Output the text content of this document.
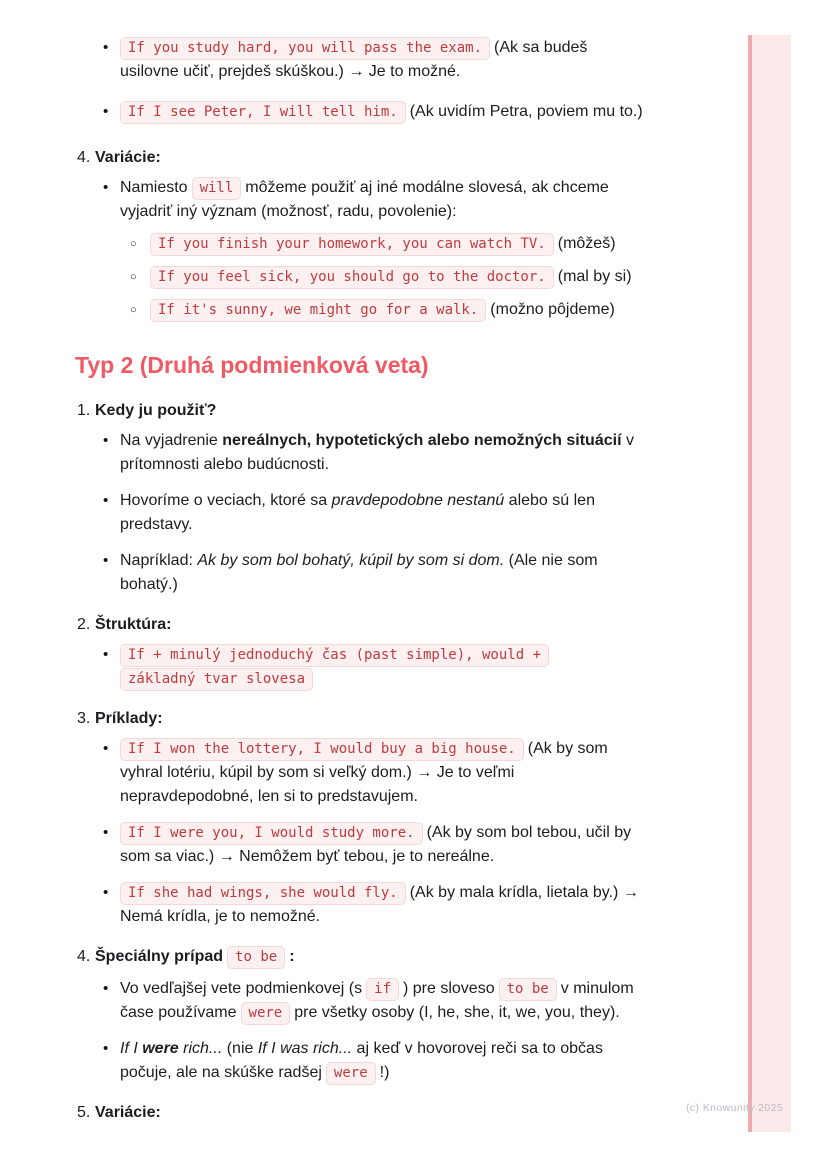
(c) Knowunity 2025
•
If you study hard, you will pass the exam. (Ak sa budeš usilovne učiť, prejdeš skúškou.) → Je to možné.
•
If I see Peter, I will tell him. (Ak uvidím Petra, poviem mu to.)
4. Variácie:
•
Namiesto will môžeme použiť aj iné modálne slovesá, ak chceme vyjadriť iný význam (možnosť, radu, povolenie):
○
If you finish your homework, you can watch TV. (môžeš)
○
If you feel sick, you should go to the doctor. (mal by si)
○
If it's sunny, we might go for a walk. (možno pôjdeme)
Typ 2 (Druhá podmienková veta)
1. Kedy ju použiť?
•
Na vyjadrenie nereálnych, hypotetických alebo nemožných situácií v prítomnosti alebo budúcnosti.
•
Hovoríme o veciach, ktoré sa pravdepodobne nestanú alebo sú len predstavy.
•
Napríklad: Ak by som bol bohatý, kúpil by som si dom. (Ale nie som bohatý.)
2. Štruktúra:
•
If + minulý jednoduchý čas (past simple), would + základný tvar slovesa
3. Príklady:
•
If I won the lottery, I would buy a big house. (Ak by som vyhral lotériu, kúpil by som si veľký dom.) → Je to veľmi nepravdepodobné, len si to predstavujem.
•
If I were you, I would study more. (Ak by som bol tebou, učil by som sa viac.) → Nemôžem byť tebou, je to nereálne.
•
If she had wings, she would fly. (Ak by mala krídla, lietala by.) → Nemá krídla, je to nemožné.
4. Špeciálny prípad to be :
•
Vo vedľajšej vete podmienkovej (s if ) pre sloveso to be v minulom čase používame were pre všetky osoby (I, he, she, it, we, you, they).
•
If I were rich... (nie If I was rich... aj keď v hovorovej reči sa to občas počuje, ale na skúške radšej were !)
5. Variácie:
